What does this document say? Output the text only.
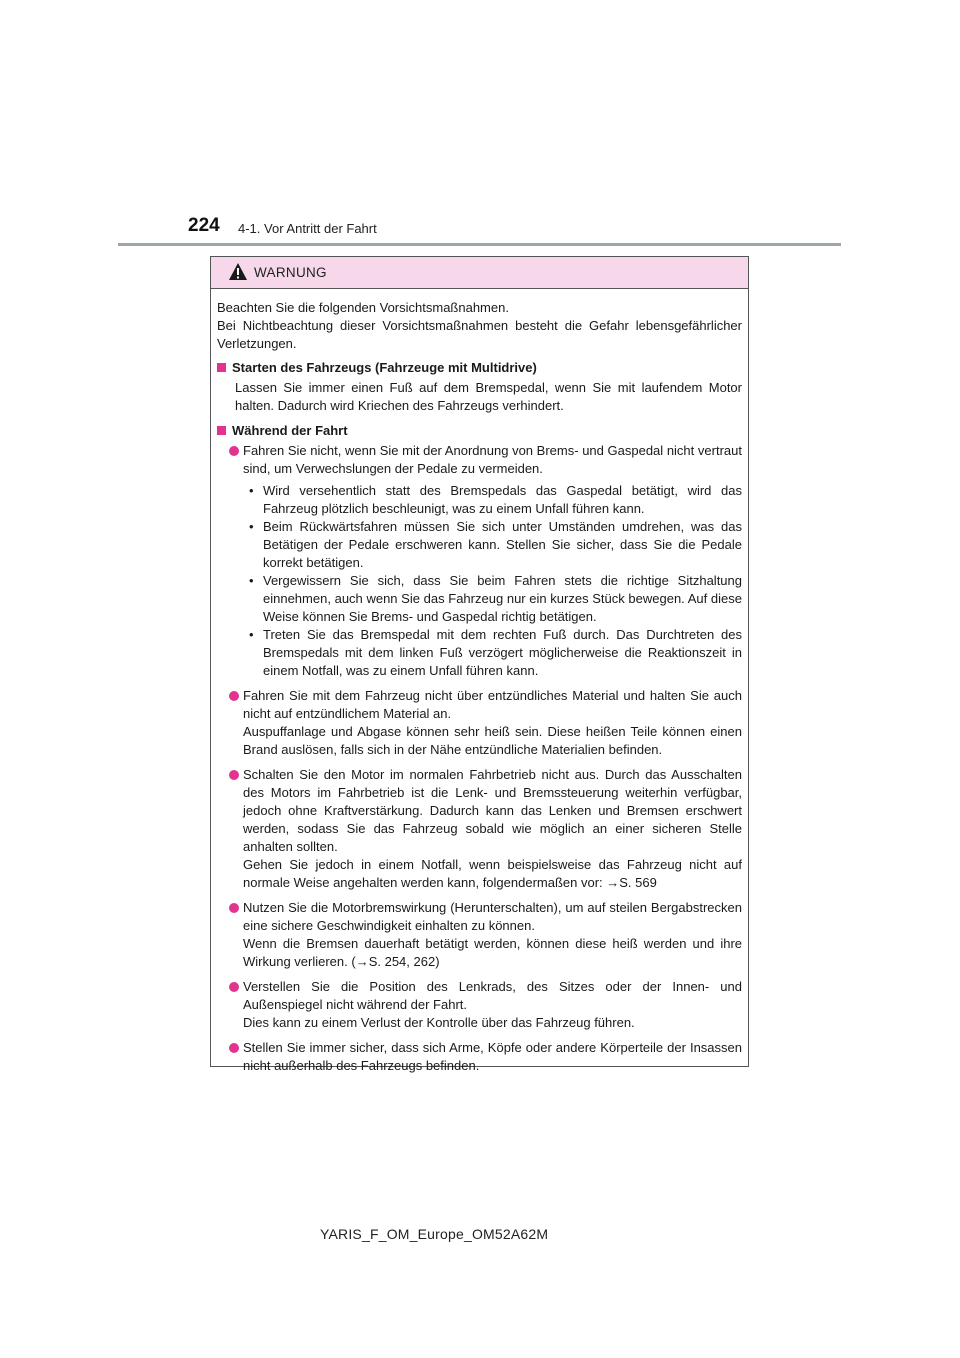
224 4-1. Vor Antritt der Fahrt
WARNUNG

Beachten Sie die folgenden Vorsichtsmaßnahmen.

Bei Nichtbeachtung dieser Vorsichtsmaßnahmen besteht die Gefahr lebensgefährlicher Verletzungen.

Starten des Fahrzeugs (Fahrzeuge mit Multidrive)

Lassen Sie immer einen Fuß auf dem Bremspedal, wenn Sie mit laufendem Motor halten. Dadurch wird Kriechen des Fahrzeugs verhindert.

Während der Fahrt

Fahren Sie nicht, wenn Sie mit der Anordnung von Brems- und Gaspedal nicht vertraut sind, um Verwechslungen der Pedale zu vermeiden.

• Wird versehentlich statt des Bremspedals das Gaspedal betätigt, wird das Fahrzeug plötzlich beschleunigt, was zu einem Unfall führen kann.

• Beim Rückwärtsfahren müssen Sie sich unter Umständen umdrehen, was das Betätigen der Pedale erschweren kann. Stellen Sie sicher, dass Sie die Pedale korrekt betätigen.

• Vergewissern Sie sich, dass Sie beim Fahren stets die richtige Sitzhaltung einnehmen, auch wenn Sie das Fahrzeug nur ein kurzes Stück bewegen. Auf diese Weise können Sie Brems- und Gaspedal richtig betätigen.

• Treten Sie das Bremspedal mit dem rechten Fuß durch. Das Durchtreten des Bremspedals mit dem linken Fuß verzögert möglicherweise die Reaktionszeit in einem Notfall, was zu einem Unfall führen kann.

Fahren Sie mit dem Fahrzeug nicht über entzündliches Material und halten Sie auch nicht auf entzündlichem Material an.

Auspuffanlage und Abgase können sehr heiß sein. Diese heißen Teile können einen Brand auslösen, falls sich in der Nähe entzündliche Materialien befinden.

Schalten Sie den Motor im normalen Fahrbetrieb nicht aus. Durch das Ausschalten des Motors im Fahrbetrieb ist die Lenk- und Bremssteuerung weiterhin verfügbar, jedoch ohne Kraftverstärkung. Dadurch kann das Lenken und Bremsen erschwert werden, sodass Sie das Fahrzeug sobald wie möglich an einer sicheren Stelle anhalten sollten.

Gehen Sie jedoch in einem Notfall, wenn beispielsweise das Fahrzeug nicht auf normale Weise angehalten werden kann, folgendermaßen vor: →S. 569

Nutzen Sie die Motorbremswirkung (Herunterschalten), um auf steilen Bergabstrecken eine sichere Geschwindigkeit einhalten zu können.

Wenn die Bremsen dauerhaft betätigt werden, können diese heiß werden und ihre Wirkung verlieren. (→S. 254, 262)

Verstellen Sie die Position des Lenkrads, des Sitzes oder der Innen- und Außenspiegel nicht während der Fahrt.

Dies kann zu einem Verlust der Kontrolle über das Fahrzeug führen.

Stellen Sie immer sicher, dass sich Arme, Köpfe oder andere Körperteile der Insassen nicht außerhalb des Fahrzeugs befinden.

YARIS_F_OM_Europe_OM52A62M
